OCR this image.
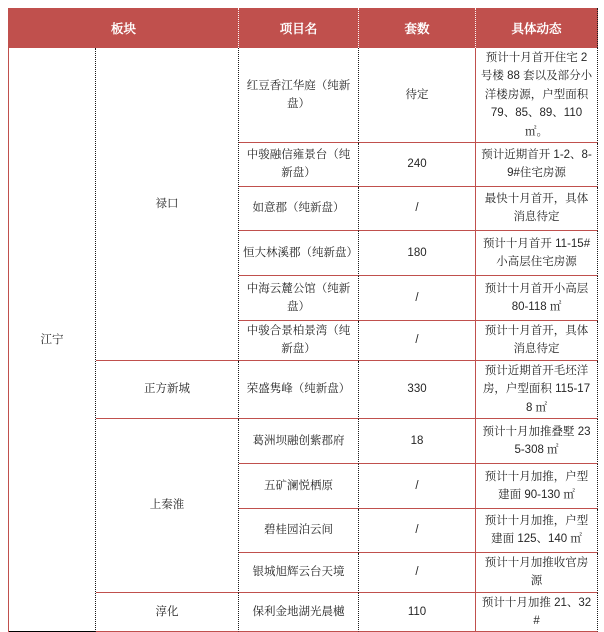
板块		项目名	套数	具体动态
江宁	禄口	红豆香江华庭（纯新盘）	待定	预计十月首开住宅 2 号楼 88 套以及部分小洋楼房源，户型面积 79、85、89、110 ㎡。
		中骏融信雍景台（纯新盘）	240	预计近期首开 1-2、8-9#住宅房源
		如意郡（纯新盘）	/	最快十月首开，具体消息待定
		恒大林溪郡（纯新盘）	180	预计十月首开 11-15#小高层住宅房源
		中海云麓公馆（纯新盘）	/	预计十月首开小高层 80-118 ㎡
		中骏合景柏景湾（纯新盘）	/	预计十月首开，具体消息待定
	正方新城	荣盛隽峰（纯新盘）	330	预计近期首开毛坯洋房，户型面积 115-178 ㎡
	上秦淮	葛洲坝融创紫郡府	18	预计十月加推叠墅 235-308 ㎡
		五矿澜悦栖原	/	预计十月加推，户型建面 90-130 ㎡
		碧桂园泊云间	/	预计十月加推，户型建面 125、140 ㎡
		银城旭辉云台天境	/	预计十月加推收官房源
	淳化	保利金地湖光晨樾	110	预计十月加推 21、32#
